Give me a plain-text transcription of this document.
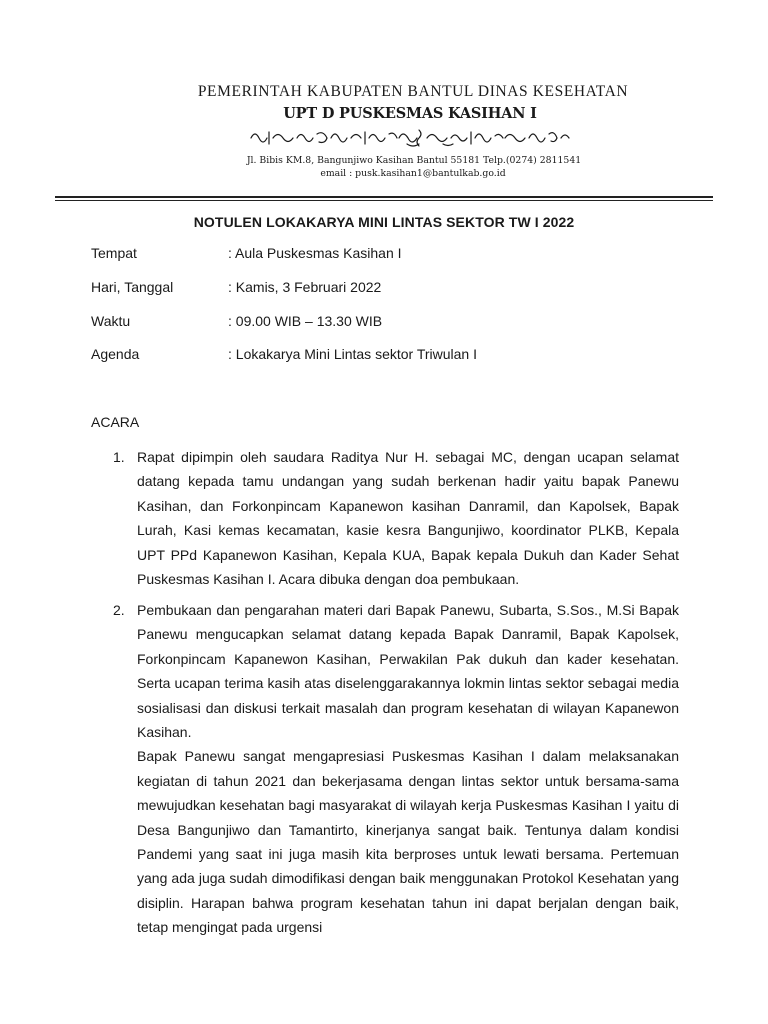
PEMERINTAH KABUPATEN BANTUL DINAS KESEHATAN
UPT D PUSKESMAS KASIHAN I
Jl. Bibis KM.8, Bangunjiwo Kasihan Bantul 55181 Telp.(0274) 2811541
email : pusk.kasihan1@bantulkab.go.id
NOTULEN LOKAKARYA MINI LINTAS SEKTOR TW I 2022
Tempat	: Aula Puskesmas Kasihan I
Hari, Tanggal	: Kamis, 3 Februari 2022
Waktu	: 09.00 WIB – 13.30 WIB
Agenda	: Lokakarya Mini Lintas sektor Triwulan I
ACARA
1. Rapat dipimpin oleh saudara Raditya Nur H. sebagai MC, dengan ucapan selamat datang kepada tamu undangan yang sudah berkenan hadir yaitu bapak Panewu Kasihan, dan Forkonpincam Kapanewon kasihan Danramil, dan Kapolsek, Bapak Lurah, Kasi kemas kecamatan, kasie kesra Bangunjiwo, koordinator PLKB, Kepala UPT PPd Kapanewon Kasihan, Kepala KUA, Bapak kepala Dukuh dan Kader Sehat Puskesmas Kasihan I. Acara dibuka dengan doa pembukaan.

2. Pembukaan dan pengarahan materi dari Bapak Panewu, Subarta, S.Sos., M.Si Bapak Panewu mengucapkan selamat datang kepada Bapak Danramil, Bapak Kapolsek, Forkonpincam Kapanewon Kasihan, Perwakilan Pak dukuh dan kader kesehatan. Serta ucapan terima kasih atas diselenggarakannya lokmin lintas sektor sebagai media sosialisasi dan diskusi terkait masalah dan program kesehatan di wilayan Kapanewon Kasihan.

Bapak Panewu sangat mengapresiasi Puskesmas Kasihan I dalam melaksanakan kegiatan di tahun 2021 dan bekerjasama dengan lintas sektor untuk bersama-sama mewujudkan kesehatan bagi masyarakat di wilayah kerja Puskesmas Kasihan I yaitu di Desa Bangunjiwo dan Tamantirto, kinerjanya sangat baik. Tentunya dalam kondisi Pandemi yang saat ini juga masih kita berproses untuk lewati bersama. Pertemuan yang ada juga sudah dimodifikasi dengan baik menggunakan Protokol Kesehatan yang disiplin. Harapan bahwa program kesehatan tahun ini dapat berjalan dengan baik, tetap mengingat pada urgensi
